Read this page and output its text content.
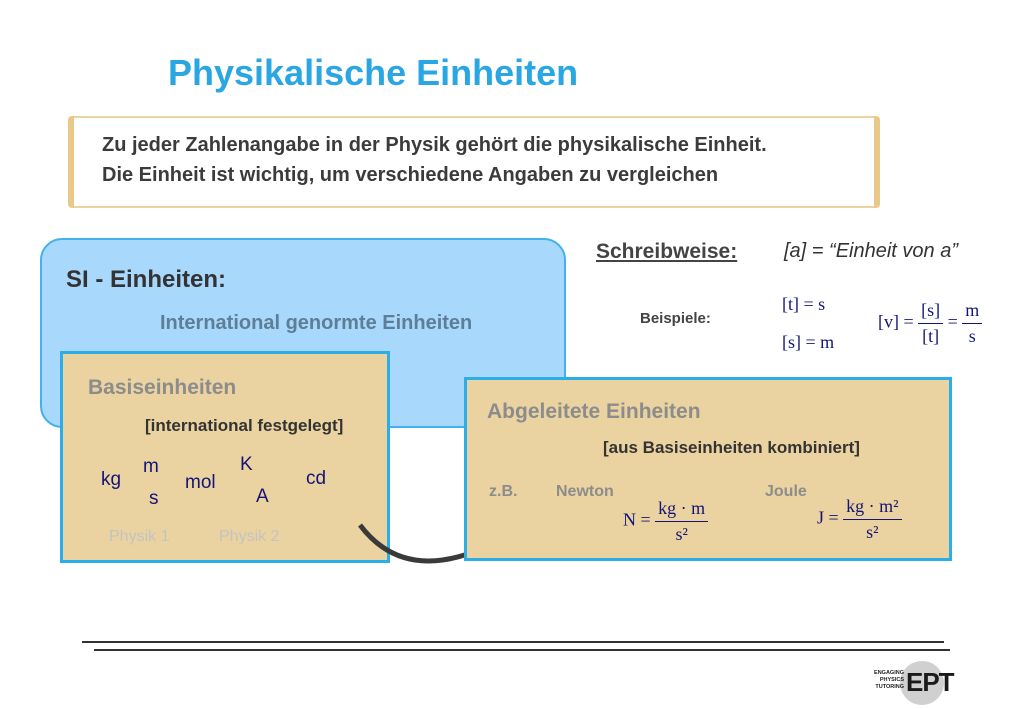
Physikalische Einheiten
Zu jeder Zahlenangabe in der Physik gehört die physikalische Einheit.
Die Einheit ist wichtig, um verschiedene Angaben zu vergleichen
SI - Einheiten:
International genormte Einheiten
Basiseinheiten
[international festgelegt]
kg
m
s
mol
K
A
cd
Physik 1	Physik 2
Abgeleitete Einheiten
[aus Basiseinheiten kombiniert]
z.B. Newton
$N = \frac{kg \cdot m}{\text{s²}}$
Joule
$J = \frac{\text{kg · m²}}{\text{s²}}$
Schreibweise: [a] = “Einheit von a”
Beispiele:
[t] = s
[s] = m
$[v] = \frac{[s]}{[t]} = \frac{m}{s}$
ENGAGING
PHYSICS
TUTORING EPT
